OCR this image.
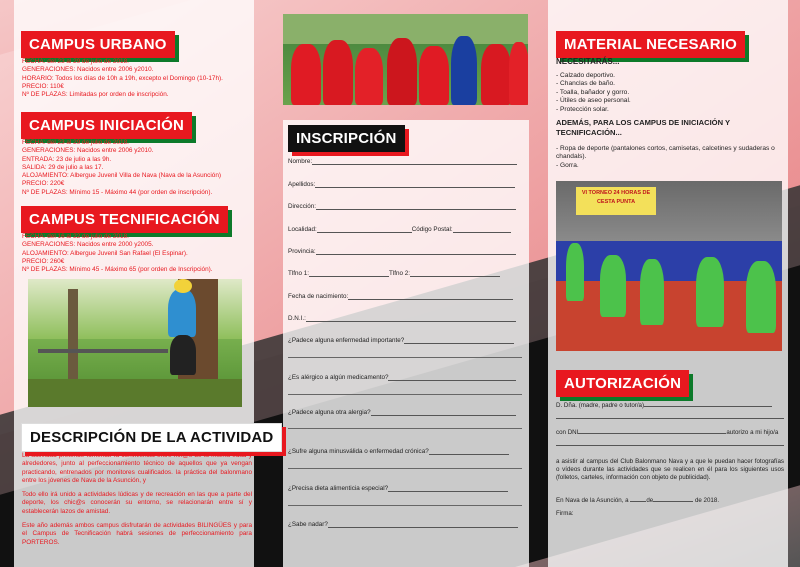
CAMPUS URBANO
FECHA: del 23 al 29 de julio de 2018.
GENERACIONES: Nacidos entre 2006 y2010.
HORARIO: Todos los días de 10h a 19h, excepto el Domingo (10-17h).
PRECIO: 110€
Nº DE PLAZAS: Limitadas por orden de inscripción.
CAMPUS INICIACIÓN
FECHA: del 23 al 29 de julio de 2018.
GENERACIONES: Nacidos entre 2006 y2010.
ENTRADA: 23 de julio a las 9h.
SALIDA: 29 de julio a las 17.
ALOJAMIENTO: Albergue Juvenil Villa de Nava (Nava de la Asunción)
PRECIO: 220€
Nº DE PLAZAS: Mínimo 15 - Máximo 44 (por orden de inscripción).
CAMPUS TECNIFICACIÓN
FECHA: del 16 al 22 de julio de 2018.
GENERACIONES: Nacidos entre 2000 y2005.
ALOJAMIENTO: Albergue Juvenil San Rafael (El Espinar).
PRECIO: 260€
Nº DE PLAZAS: Mínimo 45 - Máximo 65 (por orden de Inscripción).
DESCRIPCIÓN DE LA ACTIVIDAD
La actividad pretende fomentar la convivencia entre niñ@s de la misma edad y alrededores, junto al perfeccionamiento técnico de aquellos que ya vengan practicando, entrenados por monitores cualificados. la práctica del balonmano entre los jóvenes de Nava de la Asunción, y
Todo ello irá unido a actividades lúdicas y de recreación en las que a parte del deporte, los chic@s conocerán su entorno, se relacionarán entre sí y establecerán lazos de amistad.
Este año además ambos campus disfrutarán de actividades BILINGÜES y para el Campus de Tecnificación habrá sesiones de perfeccionamiento para PORTEROS.
INSCRIPCIÓN
Nombre:
Apellidos:
Dirección:
Localidad:	Código Postal:
Provincia:
Tlfno 1:	Tlfno 2:
Fecha de nacimiento:
D.N.I.:
¿Padece alguna enfermedad importante?
¿Es alérgico a algún medicamento?
¿Padece alguna otra alergia?
¿Sufre alguna minusválida o enfermedad crónica?
¿Precisa dieta alimenticia especial?
¿Sabe nadar?
MATERIAL NECESARIO
NECESITARÁS...
- Calzado deportivo.
- Chanclas de baño.
- Toalla, bañador y gorro.
- Útiles de aseo personal.
- Protección solar.
ADEMÁS, PARA LOS CAMPUS DE INICIACIÓN Y TECNIFICACIÓN...
- Ropa de deporte (pantalones cortos, camisetas, calcetines y sudaderas o chandals).
- Gorra.
VI TORNEO 24 HORAS DE CESTA PUNTA
AUTORIZACIÓN
D. Dña. (madre, padre o tutor/a)
con DNI	autorizo a mi hijo/a
a asistir al campus del Club Balonmano Nava y a que le puedan hacer fotografías o vídeos durante las actividades que se realicen en él para los siguientes usos (folletos, carteles, información con objeto de publicidad).
En Nava de la Asunción, a	de	de 2018.
Firma:
